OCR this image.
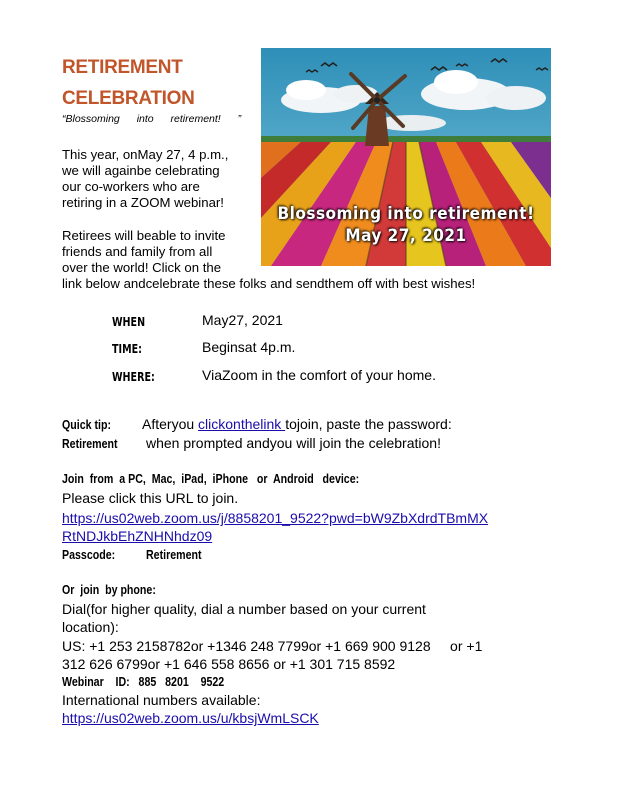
RETIREMENT
CELEBRATION
“Blossoming into retirement! ”
This year, onMay 27, 4 p.m.,
we will againbe celebrating
our co-workers who are
retiring in a ZOOM webinar!
Retirees will beable to invite
friends and family from all
over the world! Click on the
link below andcelebrate these folks and sendthem off with best wishes!
Blossoming into retirement!
May 27, 2021
WHEN	May27, 2021
TIME:	Beginsat 4p.m.
WHERE:	ViaZoom in the comfort of your home.
Quick tip: Afteryou clickonthelink tojoin, paste the password:
Retirement when prompted andyou will join the celebration!
Join  from  a PC,  Mac,  iPad,  iPhone   or  Android   device:
Please click this URL to join.
https://us02web.zoom.us/j/8858201_9522?pwd=bW9ZbXdrdTBmMX
RtNDJkbEhZNHNhdz09
Passcode: Retirement
Or  join  by phone:
Dial(for higher quality, dial a number based on your current
location):
US: +1 253 2158782or +1346 248 7799or +1 669 900 9128     or +1
312 626 6799or +1 646 558 8656 or +1 301 715 8592
Webinar    ID:   885   8201    9522
International numbers available:
https://us02web.zoom.us/u/kbsjWmLSCK
